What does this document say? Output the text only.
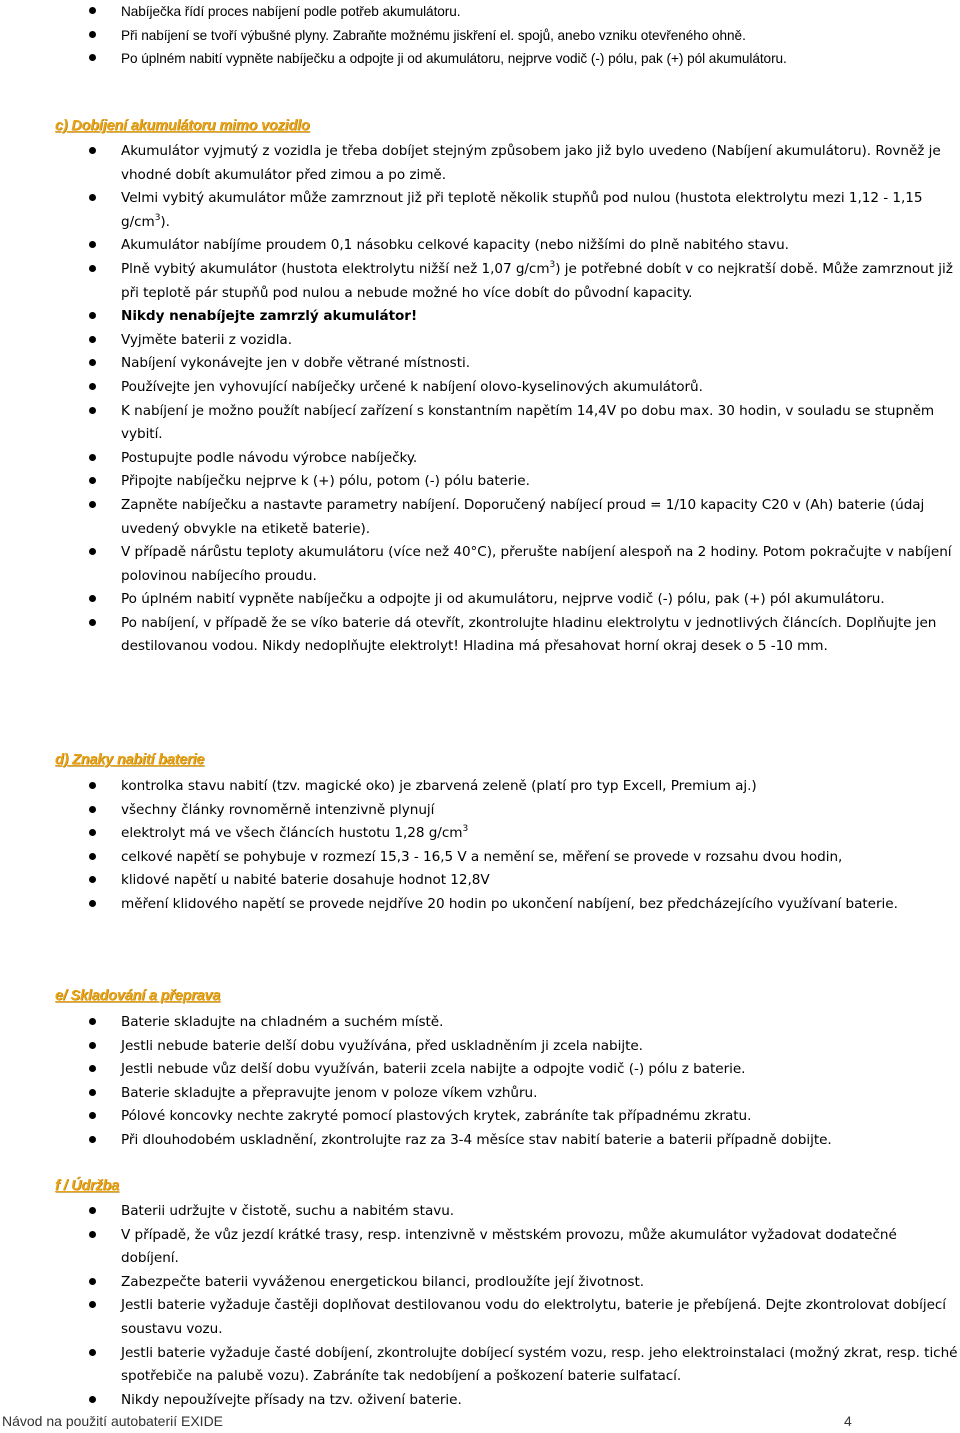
Nabíječka řídí proces nabíjení podle potřeb akumulátoru.
Při nabíjení se tvoří výbušné plyny. Zabraňte možnému jiskření el. spojů, anebo vzniku otevřeného ohně.
Po úplném nabití vypněte nabíječku a odpojte ji od akumulátoru, nejprve vodič (-) pólu, pak (+) pól akumulátoru.
c) Dobíjení akumulátoru mimo vozidlo
Akumulátor vyjmutý z vozidla je třeba dobíjet stejným způsobem jako již bylo uvedeno (Nabíjení akumulátoru). Rovněž je vhodné dobít akumulátor před zimou a po zimě.
Velmi vybitý akumulátor může zamrznout již při teplotě několik stupňů pod nulou (hustota elektrolytu mezi 1,12 - 1,15 $g/cm^3$).
Akumulátor nabíjíme proudem 0,1 násobku celkové kapacity (nebo nižšími do plně nabitého stavu.
Plně vybitý akumulátor (hustota elektrolytu nižší než 1,07 $g/cm^3$) je potřebné dobít v co nejkratší době. Může zamrznout již při teplotě pár stupňů pod nulou a nebude možné ho více dobít do původní kapacity.
Nikdy nenabíjejte zamrzlý akumulátor!
Vyjměte baterii z vozidla.
Nabíjení vykonávejte jen v dobře větrané místnosti.
Používejte jen vyhovující nabíječky určené k nabíjení olovo-kyselinových akumulátorů.
K nabíjení je možno použít nabíjecí zařízení s konstantním napětím 14,4V po dobu max. 30 hodin, v souladu se stupněm vybití.
Postupujte podle návodu výrobce nabíječky.
Připojte nabíječku nejprve k (+) pólu, potom (-) pólu baterie.
Zapněte nabíječku a nastavte parametry nabíjení. Doporučený nabíjecí proud = 1/10 kapacity C20 v (Ah) baterie (údaj uvedený obvykle na etiketě baterie).
V případě nárůstu teploty akumulátoru (více než 40°C), přerušte nabíjení alespoň na 2 hodiny. Potom pokračujte v nabíjení polovinou nabíjecího proudu.
Po úplném nabití vypněte nabíječku a odpojte ji od akumulátoru, nejprve vodič (-) pólu, pak (+) pól akumulátoru.
Po nabíjení, v případě že se víko baterie dá otevřít, zkontrolujte hladinu elektrolytu v jednotlivých článcích. Doplňujte jen destilovanou vodou. Nikdy nedoplňujte elektrolyt! Hladina má přesahovat horní okraj desek o 5 -10 mm.
d) Znaky nabití baterie
kontrolka stavu nabití (tzv. magické oko) je zbarvená zeleně (platí pro typ Excell, Premium aj.)
všechny články rovnoměrně intenzivně plynují
elektrolyt má ve všech článcích hustotu 1,28 $g/cm^3$
celkové napětí se pohybuje v rozmezí 15,3 - 16,5 V a nemění se, měření se provede v rozsahu dvou hodin,
klidové napětí u nabité baterie dosahuje hodnot 12,8V
měření klidového napětí se provede nejdříve 20 hodin po ukončení nabíjení, bez předcházejícího využívaní baterie.
e/ Skladování a přeprava
Baterie skladujte na chladném a suchém místě.
Jestli nebude baterie delší dobu využívána, před uskladněním ji zcela nabijte.
Jestli nebude vůz delší dobu využíván, baterii zcela nabijte a odpojte vodič (-) pólu z baterie.
Baterie skladujte a přepravujte jenom v poloze víkem vzhůru.
Pólové koncovky nechte zakryté pomocí plastových krytek, zabráníte tak případnému zkratu.
Při dlouhodobém uskladnění, zkontrolujte raz za 3-4 měsíce stav nabití baterie a baterii případně dobijte.
f / Údržba
Baterii udržujte v čistotě, suchu a nabitém stavu.
V případě, že vůz jezdí krátké trasy, resp. intenzivně v městském provozu, může akumulátor vyžadovat dodatečné dobíjení.
Zabezpečte baterii vyváženou energetickou bilanci, prodloužíte její životnost.
Jestli baterie vyžaduje častěji doplňovat destilovanou vodu do elektrolytu, baterie je přebíjená. Dejte zkontrolovat dobíjecí soustavu vozu.
Jestli baterie vyžaduje časté dobíjení, zkontrolujte dobíjecí systém vozu, resp. jeho elektroinstalaci (možný zkrat, resp. tiché spotřebiče na palubě vozu). Zabráníte tak nedobíjení a poškození baterie sulfatací.
Nikdy nepoužívejte přísady na tzv. oživení baterie.
Návod na použití autobaterií EXIDE	4
